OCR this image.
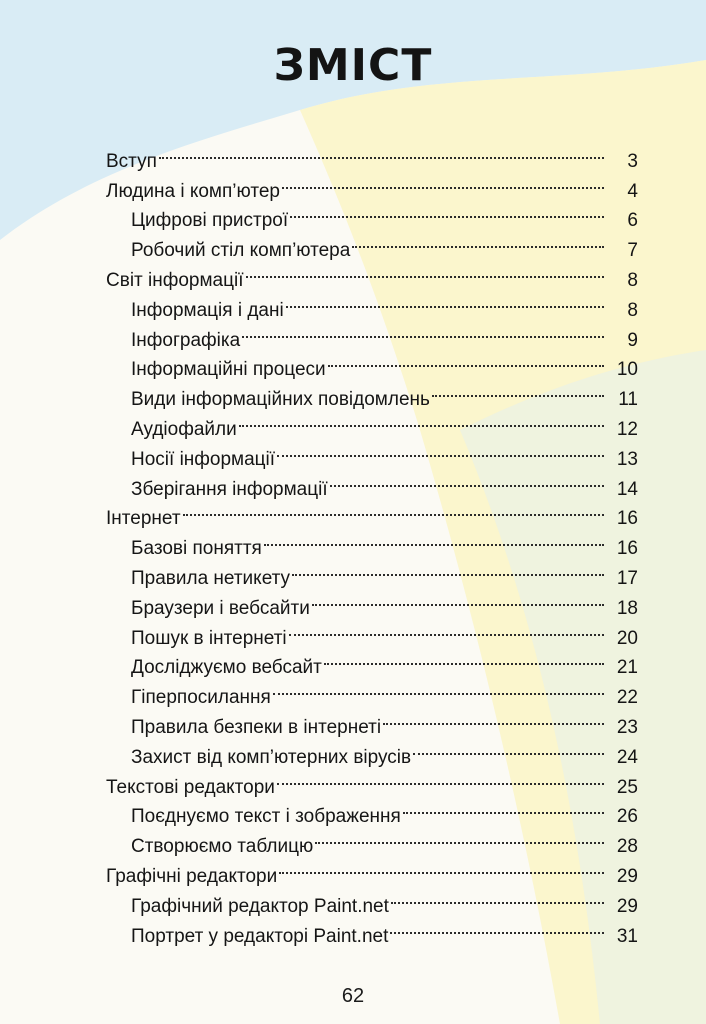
ЗМІСТ
Вступ	3
Людина і комп’ютер	4
Цифрові пристрої	6
Робочий стіл комп’ютера	7
Світ інформації	8
Інформація і дані	8
Інфографіка	9
Інформаційні процеси	10
Види інформаційних повідомлень	11
Аудіофайли	12
Носії інформації	13
Зберігання інформації	14
Інтернет	16
Базові поняття	16
Правила нетикету	17
Браузери і вебсайти	18
Пошук в інтернеті	20
Досліджуємо вебсайт	21
Гіперпосилання	22
Правила безпеки в інтернеті	23
Захист від комп’ютерних вірусів	24
Текстові редактори	25
Поєднуємо текст і зображення	26
Створюємо таблицю	28
Графічні редактори	29
Графічний редактор Paint.net	29
Портрет у редакторі Paint.net	31
62
